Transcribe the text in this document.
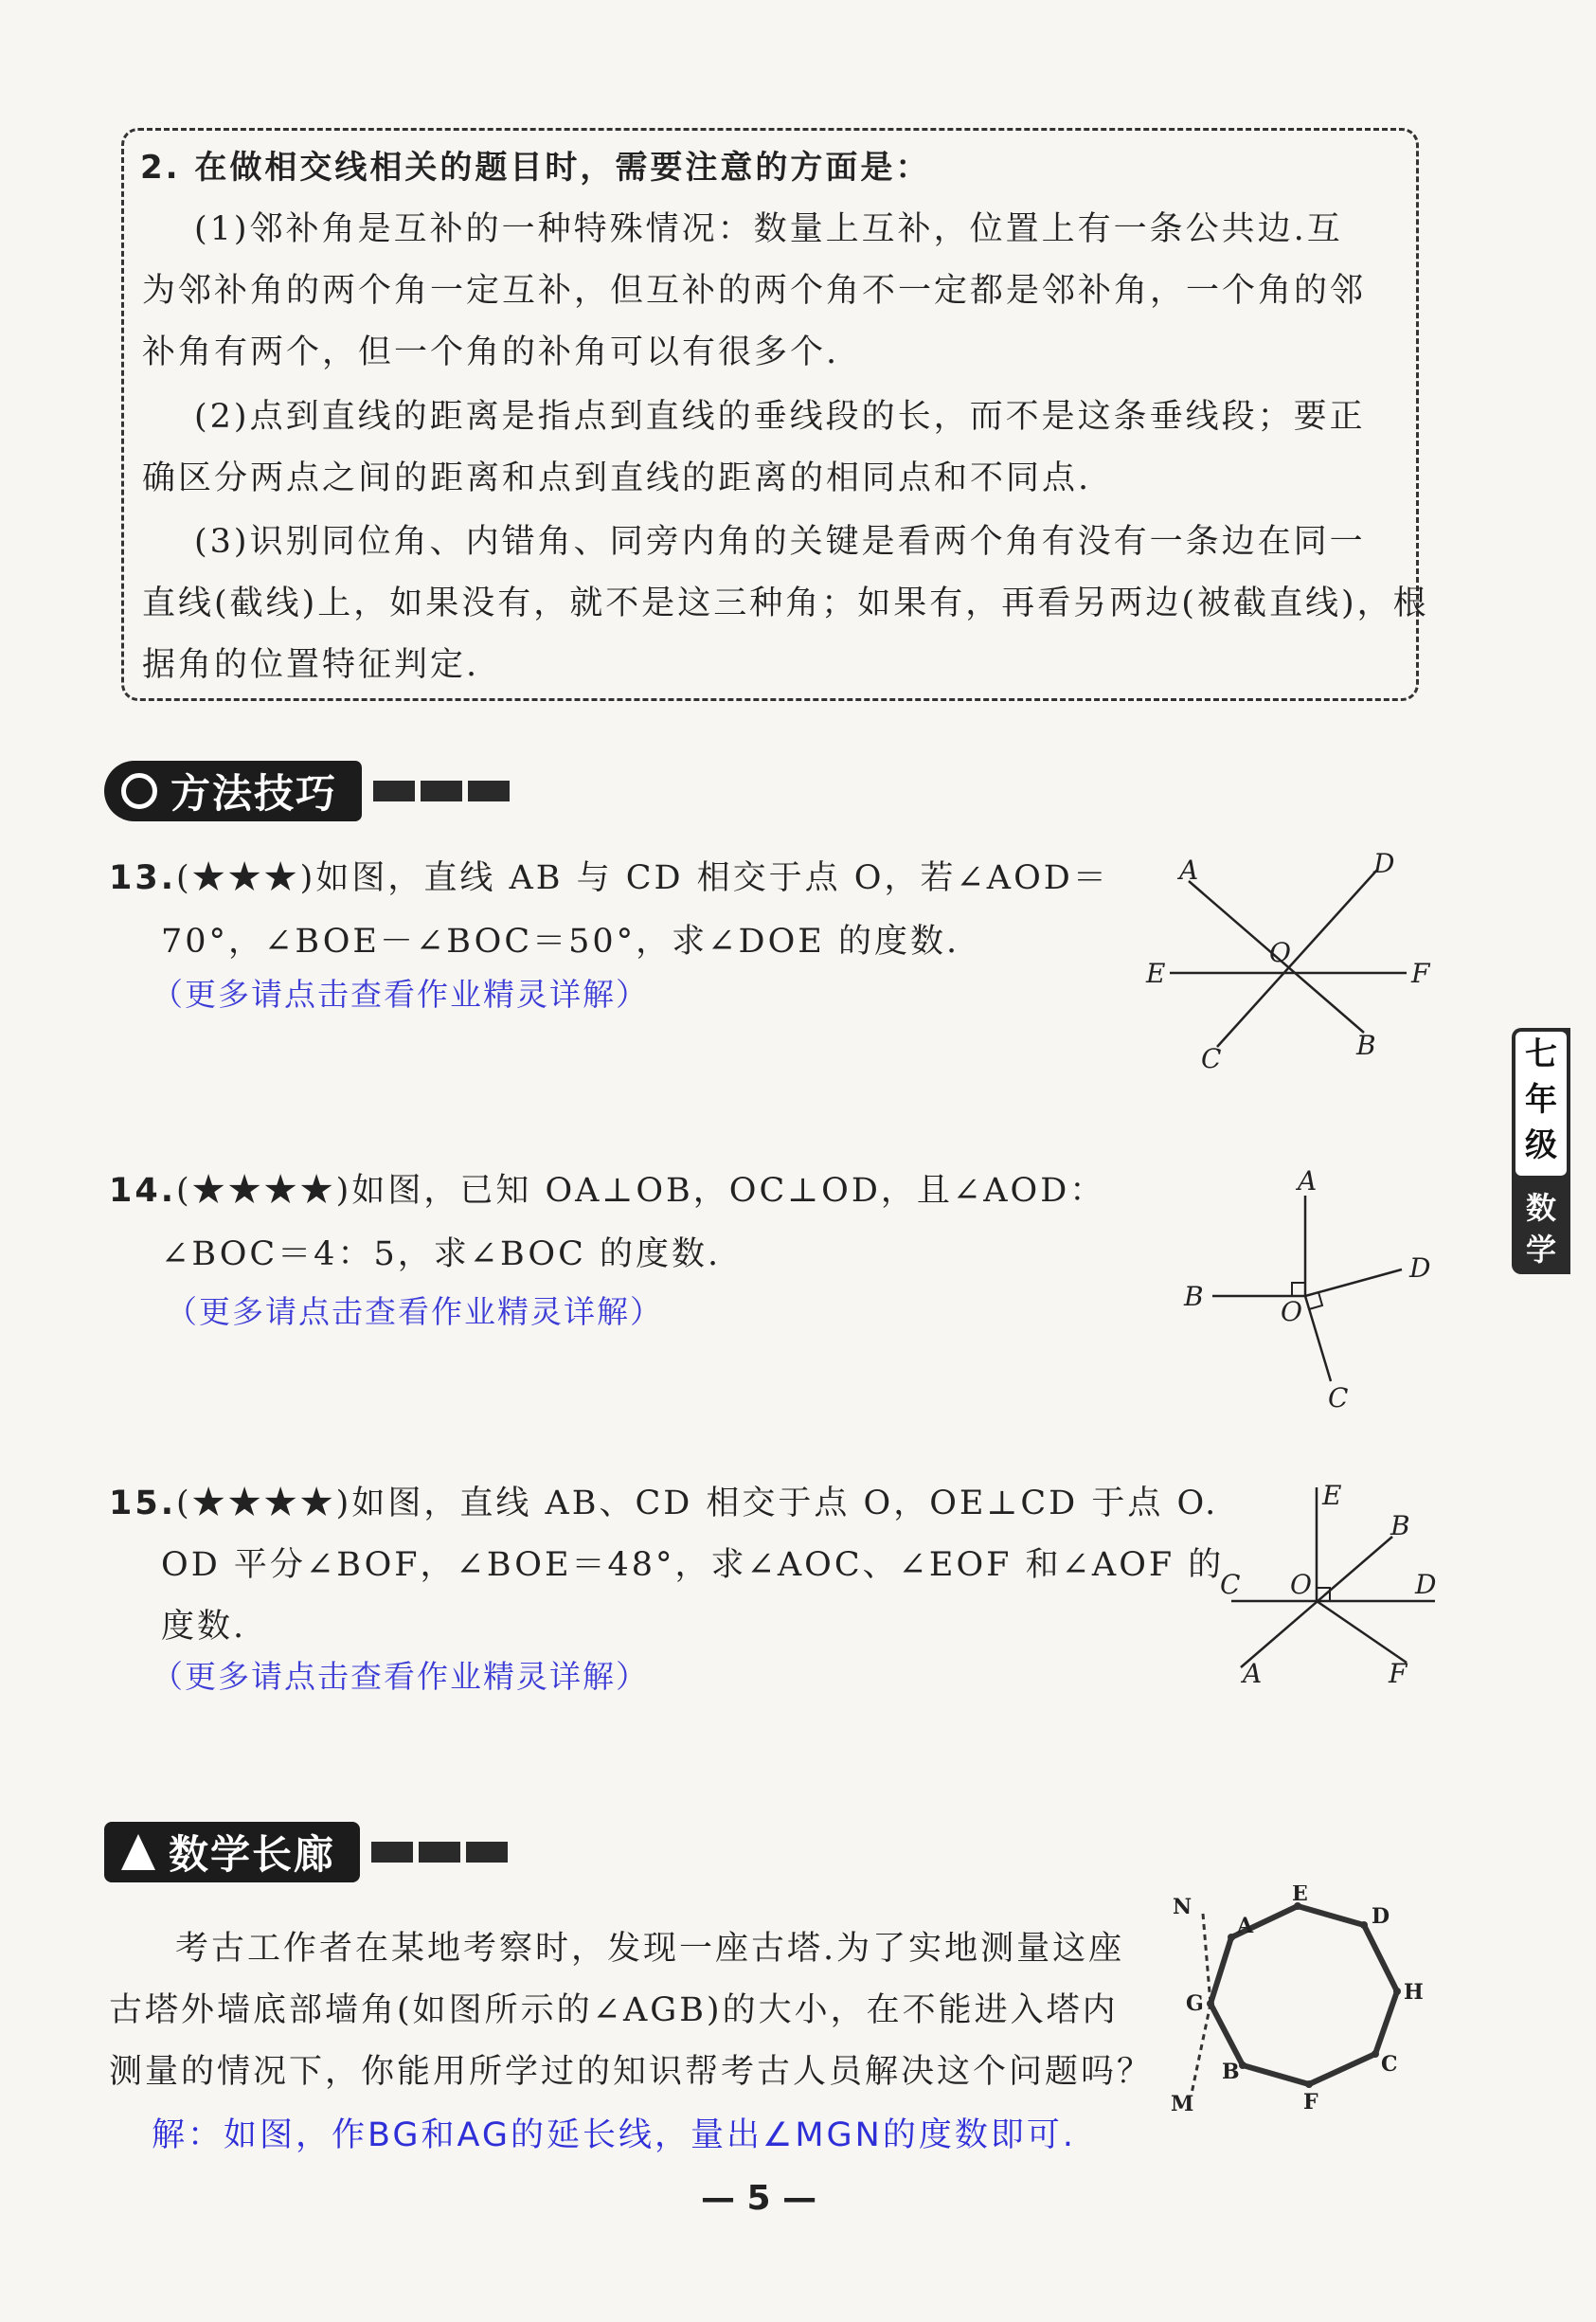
2. 在做相交线相关的题目时，需要注意的方面是：
(1)邻补角是互补的一种特殊情况：数量上互补，位置上有一条公共边.互
为邻补角的两个角一定互补，但互补的两个角不一定都是邻补角，一个角的邻
补角有两个，但一个角的补角可以有很多个.
(2)点到直线的距离是指点到直线的垂线段的长，而不是这条垂线段；要正
确区分两点之间的距离和点到直线的距离的相同点和不同点.
(3)识别同位角、内错角、同旁内角的关键是看两个角有没有一条边在同一
直线(截线)上，如果没有，就不是这三种角；如果有，再看另两边(被截直线)，根
据角的位置特征判定.
方法技巧
13.(★★★)如图，直线 AB 与 CD 相交于点 O，若∠AOD＝
70°，∠BOE－∠BOC＝50°，求∠DOE 的度数.
（更多请点击查看作业精灵详解）
A	D
O
E	F
C	B
14.(★★★★)如图，已知 OA⊥OB，OC⊥OD，且∠AOD：
∠BOC＝4：5，求∠BOC 的度数.
（更多请点击查看作业精灵详解）
A
B	O
D
C
15.(★★★★)如图，直线 AB、CD 相交于点 O，OE⊥CD 于点 O.
OD 平分∠BOF，∠BOE＝48°，求∠AOC、∠EOF 和∠AOF 的
度数.
（更多请点击查看作业精灵详解）
E
B
C O	D
A	F
数学长廊
考古工作者在某地考察时，发现一座古塔.为了实地测量这座
古塔外墙底部墙角(如图所示的∠AGB)的大小，在不能进入塔内
测量的情况下，你能用所学过的知识帮考古人员解决这个问题吗？
解：如图，作BG和AG的延长线，量出∠MGN的度数即可.
N
M
A
E
D
G	H
B
F
C
七
年
级
数
学
— 5 —
